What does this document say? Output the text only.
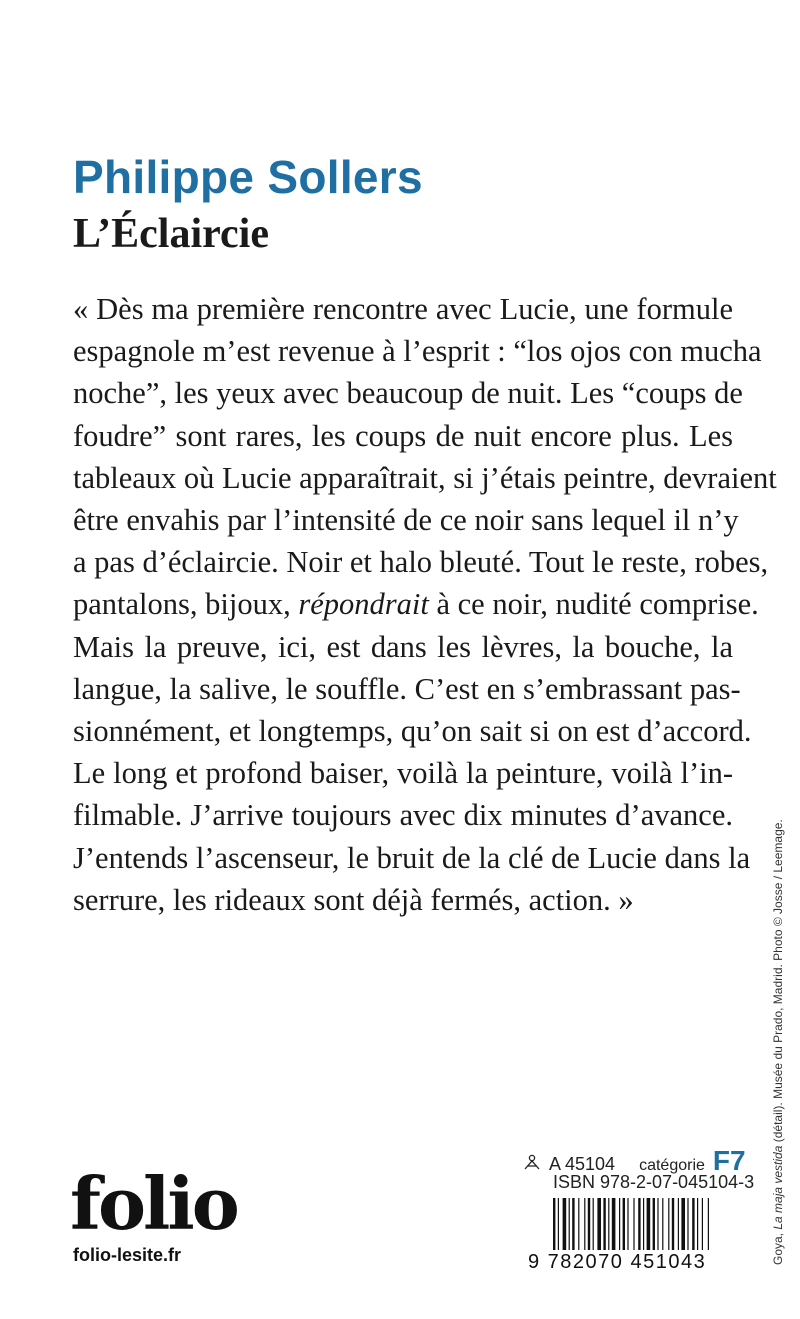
Philippe Sollers
L’Éclaircie
« Dès ma première rencontre avec Lucie, une formule
espagnole m’est revenue à l’esprit : “los ojos con mucha
noche”, les yeux avec beaucoup de nuit. Les “coups de
foudre” sont rares, les coups de nuit encore plus. Les
tableaux où Lucie apparaîtrait, si j’étais peintre, devraient
être envahis par l’intensité de ce noir sans lequel il n’y
a pas d’éclaircie. Noir et halo bleuté. Tout le reste, robes,
pantalons, bijoux, répondrait à ce noir, nudité comprise.
Mais la preuve, ici, est dans les lèvres, la bouche, la
langue, la salive, le souffle. C’est en s’embrassant pas-
sionnément, et longtemps, qu’on sait si on est d’accord.
Le long et profond baiser, voilà la peinture, voilà l’in-
filmable. J’arrive toujours avec dix minutes d’avance.
J’entends l’ascenseur, le bruit de la clé de Lucie dans la
serrure, les rideaux sont déjà fermés, action. »
Goya, La maja vestida (détail). Musée du Prado, Madrid. Photo © Josse / Leemage.
folio
folio-lesite.fr
A 45104 catégorie F7
ISBN 978-2-07-045104-3
9 782070 451043
